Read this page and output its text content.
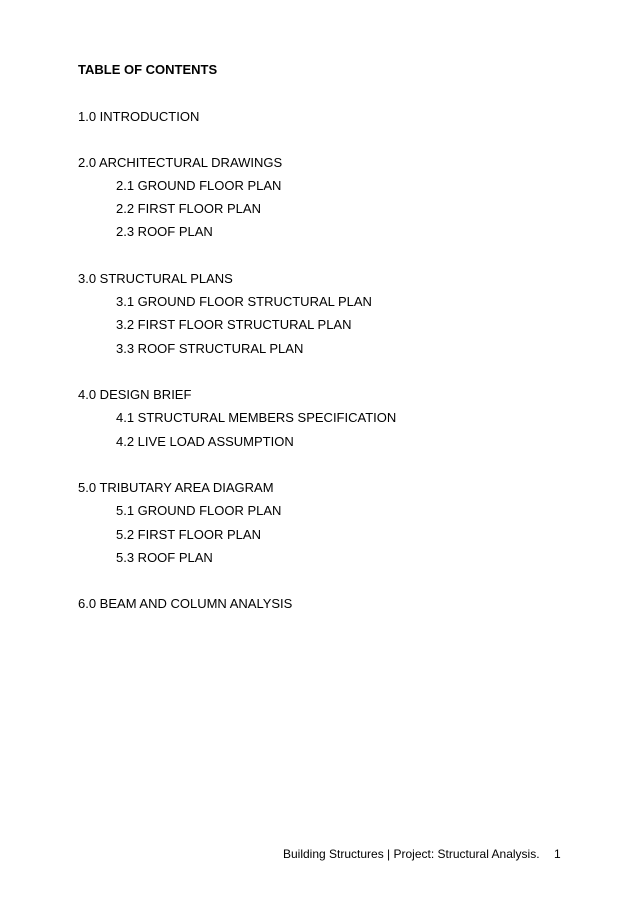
TABLE OF CONTENTS
1.0 INTRODUCTION
2.0 ARCHITECTURAL DRAWINGS
2.1 GROUND FLOOR PLAN
2.2 FIRST FLOOR PLAN
2.3 ROOF PLAN
3.0 STRUCTURAL PLANS
3.1 GROUND FLOOR STRUCTURAL PLAN
3.2 FIRST FLOOR STRUCTURAL PLAN
3.3 ROOF STRUCTURAL PLAN
4.0 DESIGN BRIEF
4.1 STRUCTURAL MEMBERS SPECIFICATION
4.2 LIVE LOAD ASSUMPTION
5.0 TRIBUTARY AREA DIAGRAM
5.1 GROUND FLOOR PLAN
5.2 FIRST FLOOR PLAN
5.3 ROOF PLAN
6.0 BEAM AND COLUMN ANALYSIS
Building Structures | Project: Structural Analysis. 1
